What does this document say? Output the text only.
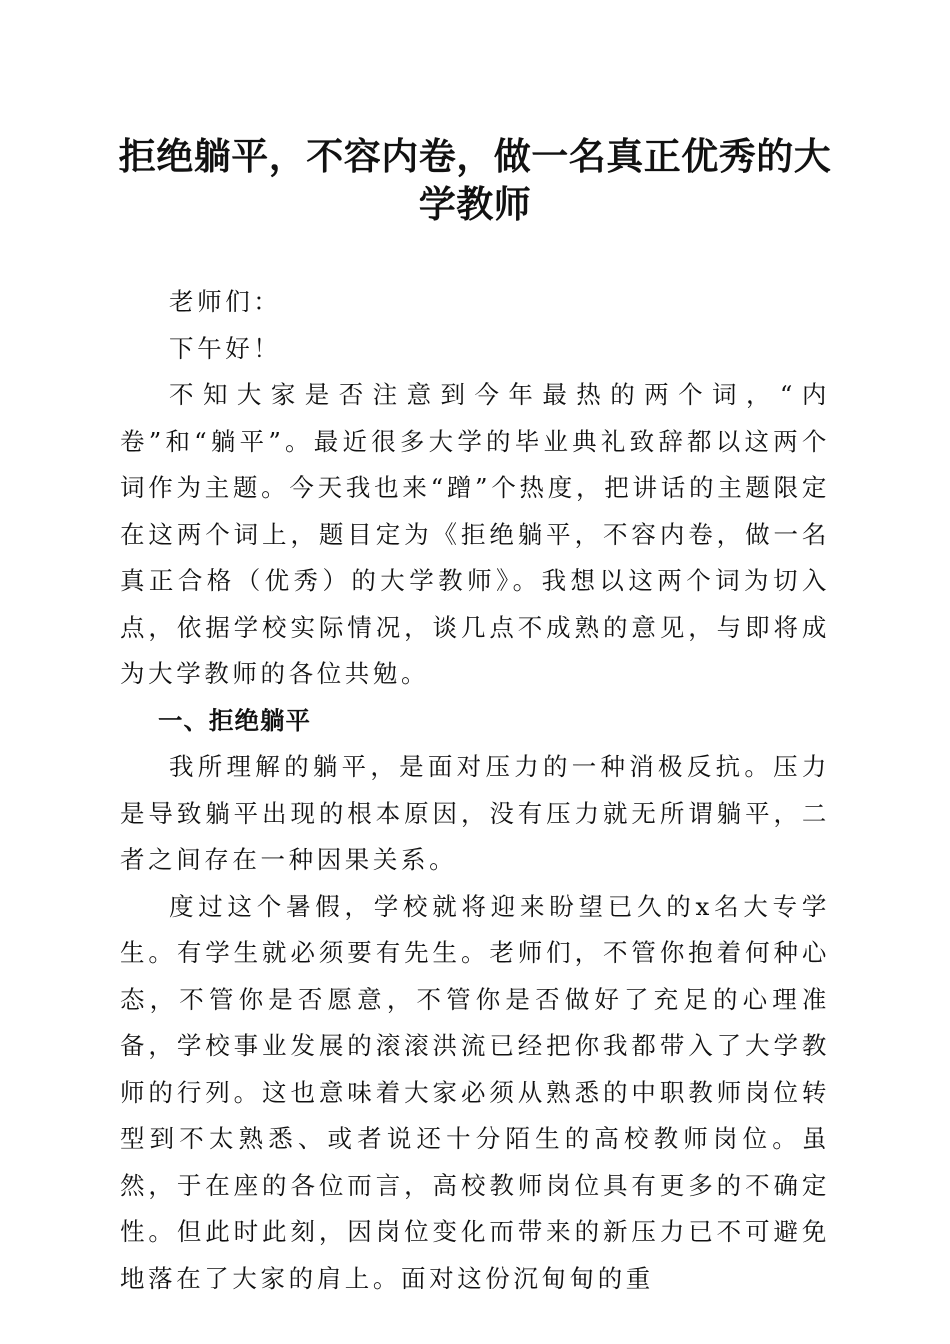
拒绝躺平，不容内卷，做一名真正优秀的大学教师

老师们：

下午好！

不知大家是否注意到今年最热的两个词，“内卷”和“躺平”。最近很多大学的毕业典礼致辞都以这两个词作为主题。今天我也来“蹭”个热度，把讲话的主题限定在这两个词上，题目定为《拒绝躺平，不容内卷，做一名真正合格（优秀）的大学教师》。我想以这两个词为切入点，依据学校实际情况，谈几点不成熟的意见，与即将成为大学教师的各位共勉。

一、拒绝躺平

我所理解的躺平，是面对压力的一种消极反抗。压力是导致躺平出现的根本原因，没有压力就无所谓躺平，二者之间存在一种因果关系。

度过这个暑假，学校就将迎来盼望已久的x名大专学生。有学生就必须要有先生。老师们，不管你抱着何种心态，不管你是否愿意，不管你是否做好了充足的心理准备，学校事业发展的滚滚洪流已经把你我都带入了大学教师的行列。这也意味着大家必须从熟悉的中职教师岗位转型到不太熟悉、或者说还十分陌生的高校教师岗位。虽然，于在座的各位而言，高校教师岗位具有更多的不确定性。但此时此刻，因岗位变化而带来的新压力已不可避免地落在了大家的肩上。面对这份沉甸甸的重
